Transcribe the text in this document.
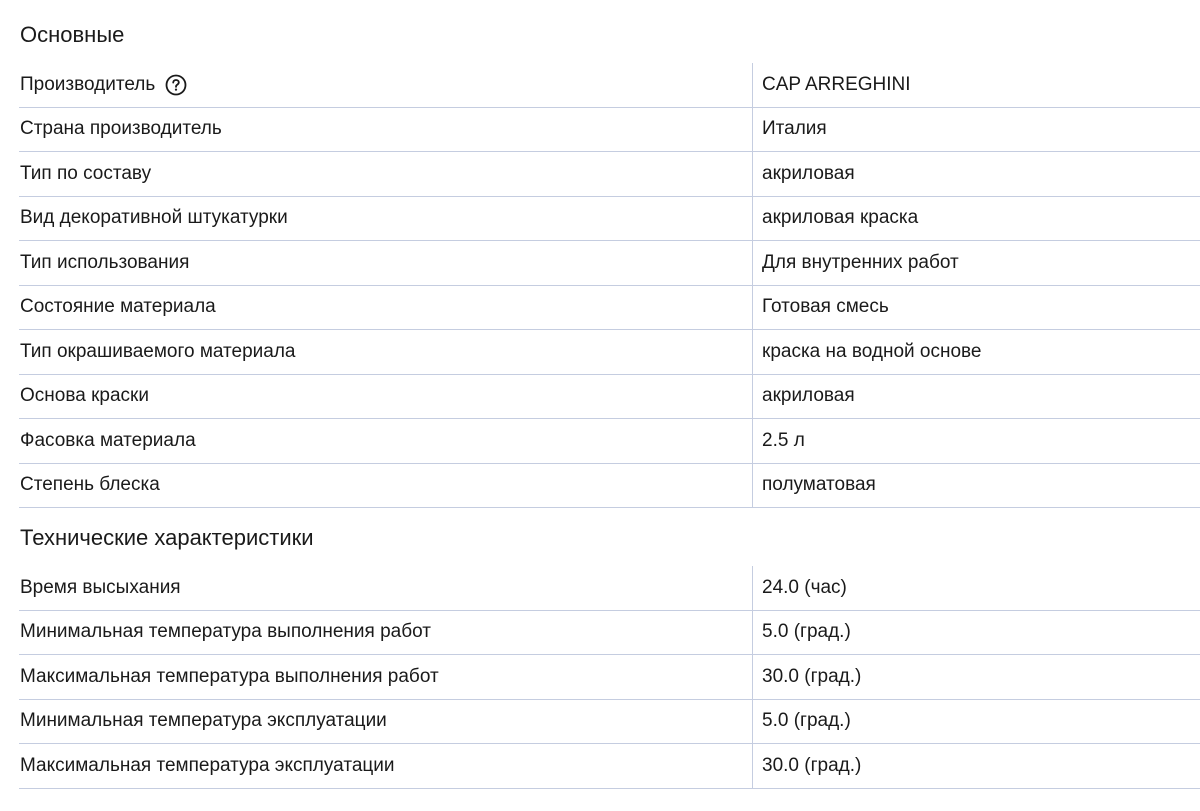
Основные
Производитель	CAP ARREGHINI
Страна производитель	Италия
Тип по составу	акриловая
Вид декоративной штукатурки	акриловая краска
Тип использования	Для внутренних работ
Состояние материала	Готовая смесь
Тип окрашиваемого материала	краска на водной основе
Основа краски	акриловая
Фасовка материала	2.5 л
Степень блеска	полуматовая
Технические характеристики
Время высыхания	24.0 (час)
Минимальная температура выполнения работ	5.0 (град.)
Максимальная температура выполнения работ	30.0 (град.)
Минимальная температура эксплуатации	5.0 (град.)
Максимальная температура эксплуатации	30.0 (град.)
